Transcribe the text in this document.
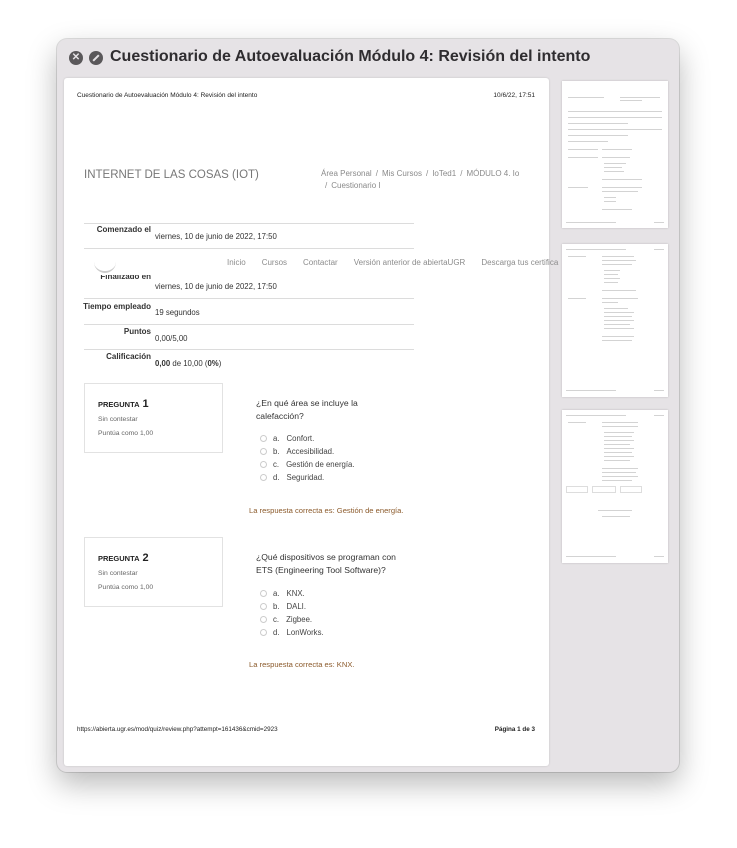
✕ Cuestionario de Autoevaluación Módulo 4: Revisión del intento
Cuestionario de Autoevaluación Módulo 4: Revisión del intento	10/6/22, 17:51
INTERNET DE LAS COSAS (IOT)	Área Personal / Mis Cursos / IoTed1 / MÓDULO 4. Io
/ Cuestionario I
Comenzado el
viernes, 10 de junio de 2022, 17:50
Inicio Cursos Contactar Versión anterior de abiertaUGR Descarga tus certifica
Finalizado en
viernes, 10 de junio de 2022, 17:50
Tiempo empleado
19 segundos
Puntos
0,00/5,00
Calificación
0,00 de 10,00 (0%)
PREGUNTA 1
Sin contestar
Puntúa como 1,00
¿En qué área se incluye la calefacción?
a. Confort.
b. Accesibilidad.
c. Gestión de energía.
d. Seguridad.
La respuesta correcta es: Gestión de energía.
PREGUNTA 2
Sin contestar
Puntúa como 1,00
¿Qué dispositivos se programan con ETS (Engineering Tool Software)?
a. KNX.
b. DALI.
c. Zigbee.
d. LonWorks.
La respuesta correcta es: KNX.
https://abierta.ugr.es/mod/quiz/review.php?attempt=161436&cmid=2923	Página 1 de 3
